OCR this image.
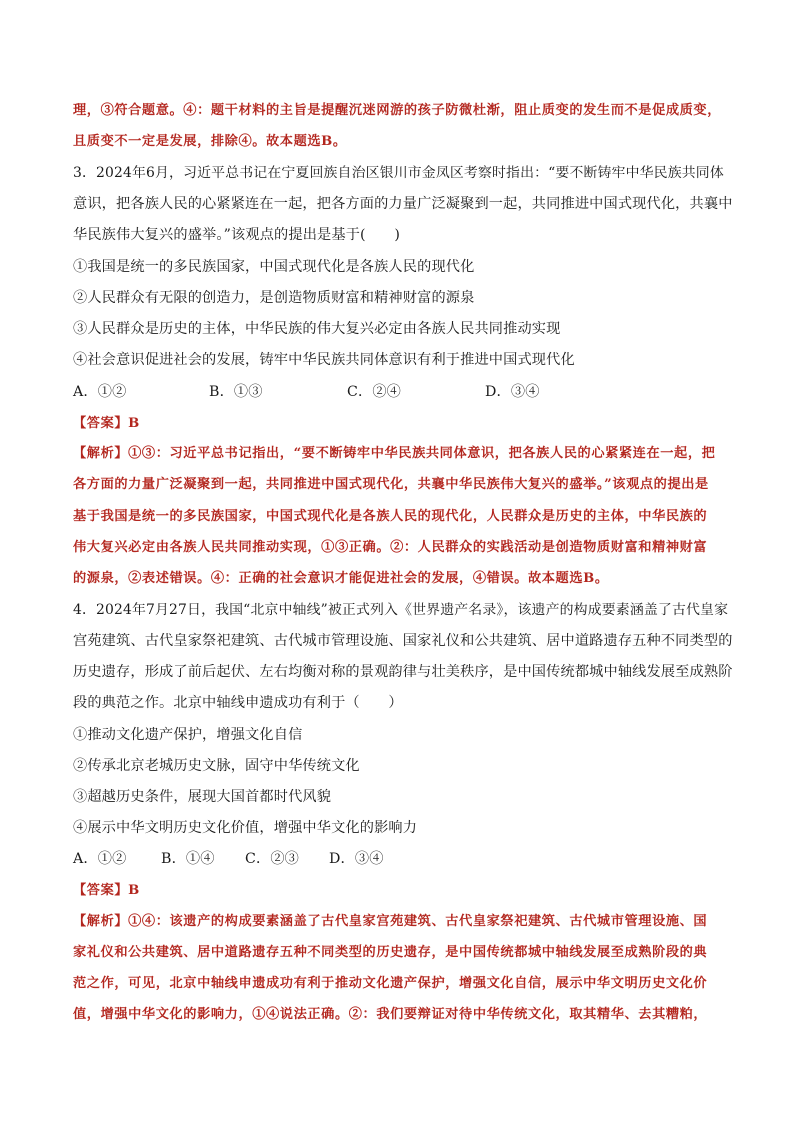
理，③符合题意。④：题干材料的主旨是提醒沉迷网游的孩子防微杜渐，阻止质变的发生而不是促成质变，
且质变不一定是发展，排除④。故本题选B。
3．2024年6月，习近平总书记在宁夏回族自治区银川市金凤区考察时指出：“要不断铸牢中华民族共同体
意识，把各族人民的心紧紧连在一起，把各方面的力量广泛凝聚到一起，共同推进中国式现代化，共襄中
华民族伟大复兴的盛举。”该观点的提出是基于(　　)
①我国是统一的多民族国家，中国式现代化是各族人民的现代化
②人民群众有无限的创造力，是创造物质财富和精神财富的源泉
③人民群众是历史的主体，中华民族的伟大复兴必定由各族人民共同推动实现
④社会意识促进社会的发展，铸牢中华民族共同体意识有利于推进中国式现代化
A．①②	B．①③	C．②④	D．③④
【答案】B
【解析】①③：习近平总书记指出，“要不断铸牢中华民族共同体意识，把各族人民的心紧紧连在一起，把
各方面的力量广泛凝聚到一起，共同推进中国式现代化，共襄中华民族伟大复兴的盛举。”该观点的提出是
基于我国是统一的多民族国家，中国式现代化是各族人民的现代化，人民群众是历史的主体，中华民族的
伟大复兴必定由各族人民共同推动实现，①③正确。②：人民群众的实践活动是创造物质财富和精神财富
的源泉，②表述错误。④：正确的社会意识才能促进社会的发展，④错误。故本题选B。
4．2024年7月27日，我国“北京中轴线”被正式列入《世界遗产名录》，该遗产的构成要素涵盖了古代皇家
宫苑建筑、古代皇家祭祀建筑、古代城市管理设施、国家礼仪和公共建筑、居中道路遗存五种不同类型的
历史遗存，形成了前后起伏、左右均衡对称的景观韵律与壮美秩序，是中国传统都城中轴线发展至成熟阶
段的典范之作。北京中轴线申遗成功有利于（　　）
①推动文化遗产保护，增强文化自信
②传承北京老城历史文脉，固守中华传统文化
③超越历史条件，展现大国首都时代风貌
④展示中华文明历史文化价值，增强中华文化的影响力
A．①② B．①④ C．②③ D．③④
【答案】B
【解析】①④：该遗产的构成要素涵盖了古代皇家宫苑建筑、古代皇家祭祀建筑、古代城市管理设施、国
家礼仪和公共建筑、居中道路遗存五种不同类型的历史遗存，是中国传统都城中轴线发展至成熟阶段的典
范之作，可见，北京中轴线申遗成功有利于推动文化遗产保护，增强文化自信，展示中华文明历史文化价
值，增强中华文化的影响力，①④说法正确。②：我们要辩证对待中华传统文化，取其精华、去其糟粕，
